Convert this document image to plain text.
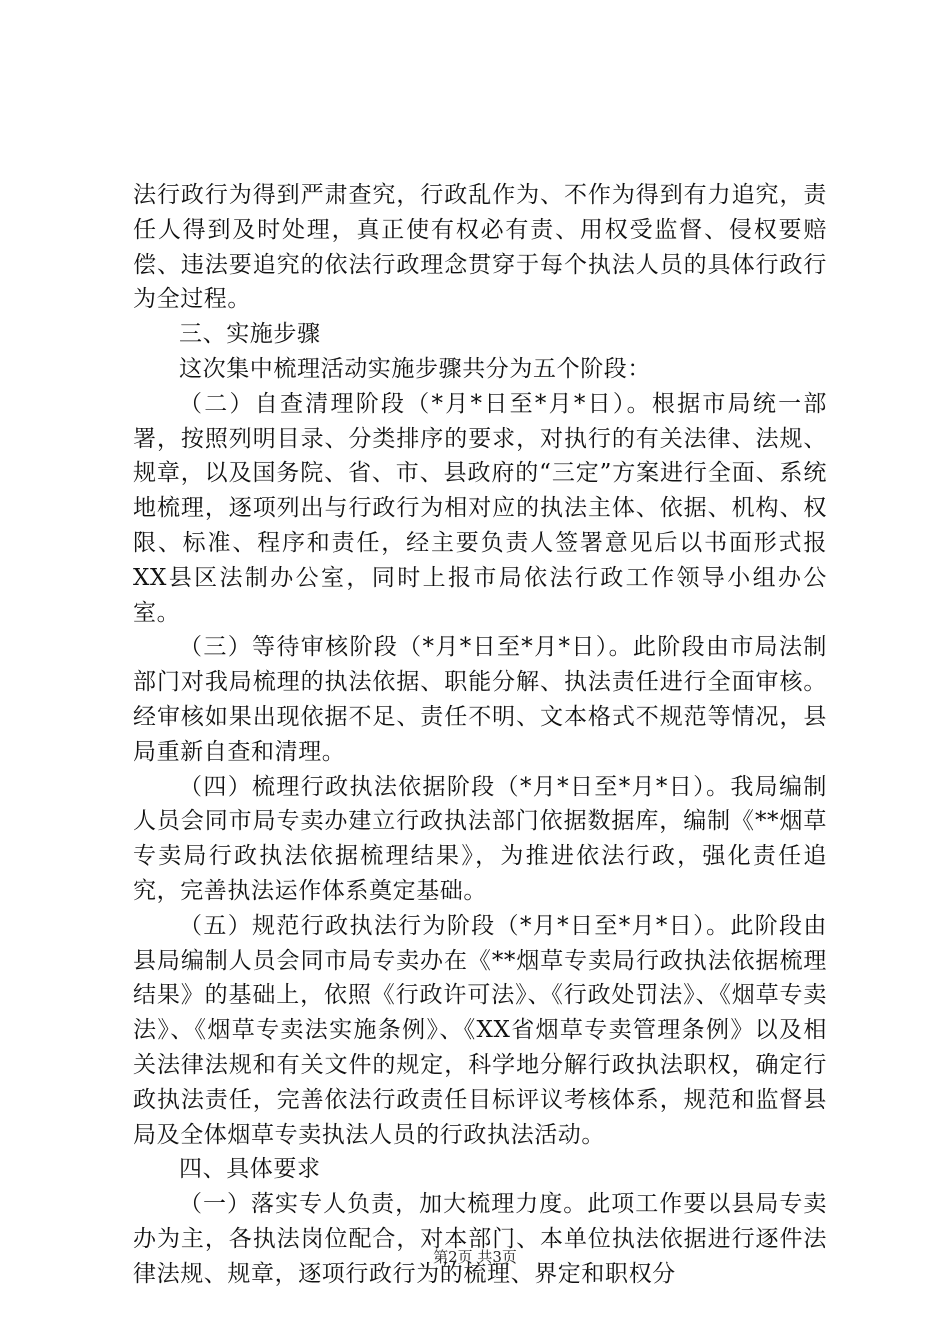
法行政行为得到严肃查究，行政乱作为、不作为得到有力追究，责任人得到及时处理，真正使有权必有责、用权受监督、侵权要赔偿、违法要追究的依法行政理念贯穿于每个执法人员的具体行政行为全过程。

三、实施步骤

这次集中梳理活动实施步骤共分为五个阶段：

（二）自查清理阶段（*月*日至*月*日）。根据市局统一部署，按照列明目录、分类排序的要求，对执行的有关法律、法规、规章，以及国务院、省、市、县政府的“三定”方案进行全面、系统地梳理，逐项列出与行政行为相对应的执法主体、依据、机构、权限、标准、程序和责任，经主要负责人签署意见后以书面形式报XX县区法制办公室，同时上报市局依法行政工作领导小组办公室。

（三）等待审核阶段（*月*日至*月*日）。此阶段由市局法制部门对我局梳理的执法依据、职能分解、执法责任进行全面审核。经审核如果出现依据不足、责任不明、文本格式不规范等情况，县局重新自查和清理。

（四）梳理行政执法依据阶段（*月*日至*月*日）。我局编制人员会同市局专卖办建立行政执法部门依据数据库，编制《**烟草专卖局行政执法依据梳理结果》，为推进依法行政，强化责任追究，完善执法运作体系奠定基础。

（五）规范行政执法行为阶段（*月*日至*月*日）。此阶段由县局编制人员会同市局专卖办在《**烟草专卖局行政执法依据梳理结果》的基础上，依照《行政许可法》、《行政处罚法》、《烟草专卖法》、《烟草专卖法实施条例》、《XX省烟草专卖管理条例》以及相关法律法规和有关文件的规定，科学地分解行政执法职权，确定行政执法责任，完善依法行政责任目标评议考核体系，规范和监督县局及全体烟草专卖执法人员的行政执法活动。

四、具体要求

（一）落实专人负责，加大梳理力度。此项工作要以县局专卖办为主，各执法岗位配合，对本部门、本单位执法依据进行逐件法律法规、规章，逐项行政行为的梳理、界定和职权分

第2页 共3页
